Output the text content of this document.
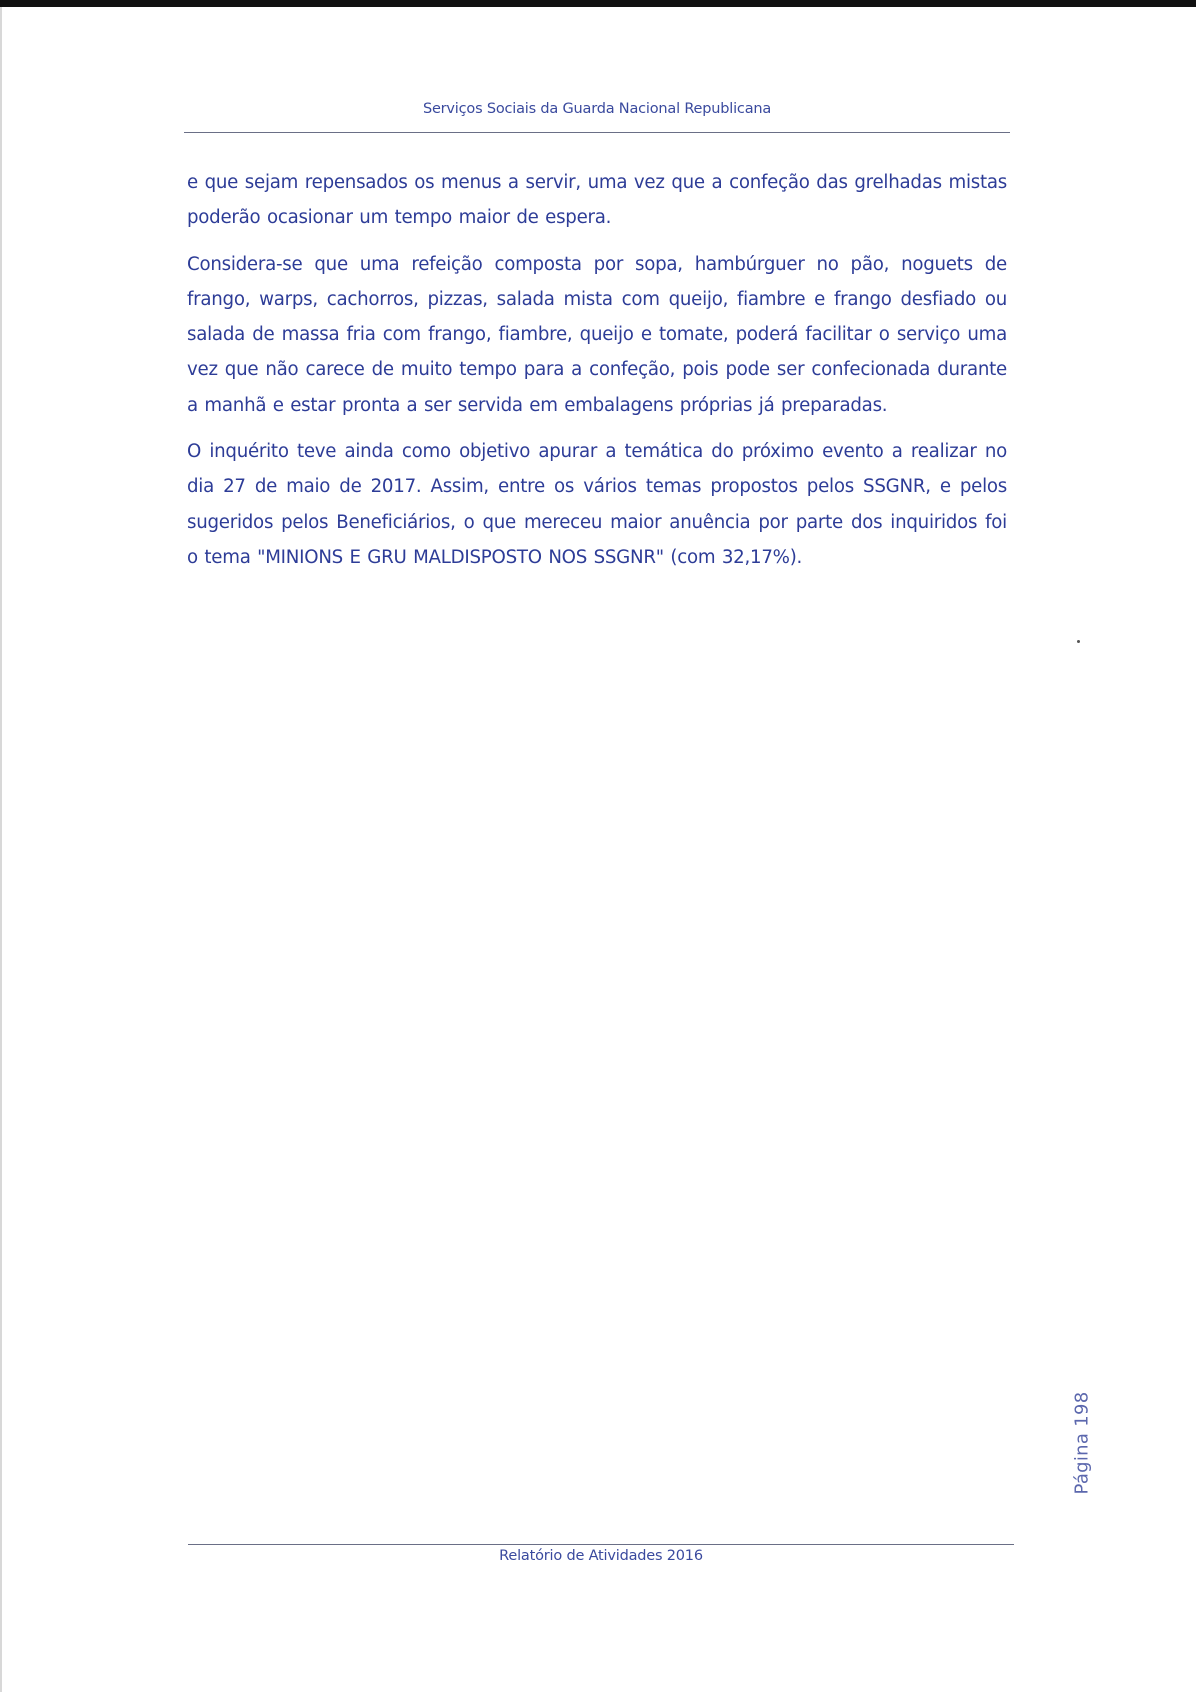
Serviços Sociais da Guarda Nacional Republicana

e que sejam repensados os menus a servir, uma vez que a confeção das grelhadas mistas poderão ocasionar um tempo maior de espera.

Considera-se que uma refeição composta por sopa, hambúrguer no pão, noguets de frango, warps, cachorros, pizzas, salada mista com queijo, fiambre e frango desfiado ou salada de massa fria com frango, fiambre, queijo e tomate, poderá facilitar o serviço uma vez que não carece de muito tempo para a confeção, pois pode ser confecionada durante a manhã e estar pronta a ser servida em embalagens próprias já preparadas.

O inquérito teve ainda como objetivo apurar a temática do próximo evento a realizar no dia 27 de maio de 2017. Assim, entre os vários temas propostos pelos SSGNR, e pelos sugeridos pelos Beneficiários, o que mereceu maior anuência por parte dos inquiridos foi o tema "MINIONS E GRU MALDISPOSTO NOS SSGNR" (com 32,17%).

Página 198
Relatório de Atividades 2016
